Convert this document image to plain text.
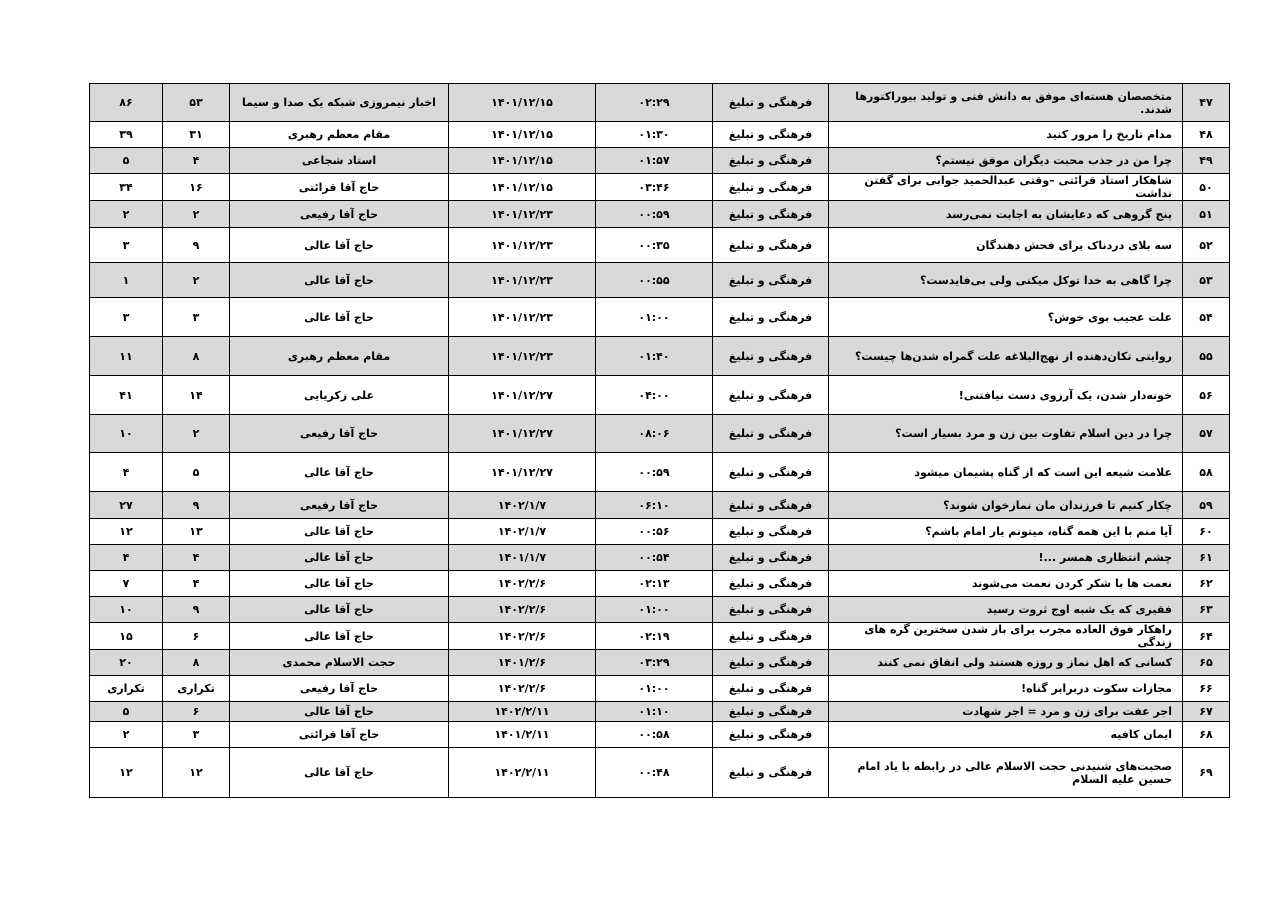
۴۷	متخصصان هسته‌ای موفق به دانش فنی و تولید بیوراکتورها شدند.	فرهنگی و تبلیغ	۰۲:۲۹	۱۴۰۱/۱۲/۱۵	اخبار نیمروزی شبکه یک صدا و سیما	۵۳	۸۶
۴۸	مدام تاریخ را مرور کنید	فرهنگی و تبلیغ	۰۱:۳۰	۱۴۰۱/۱۲/۱۵	مقام معظم رهبری	۳۱	۳۹
۴۹	چرا من در جذب محبت دیگران موفق نیستم؟	فرهنگی و تبلیغ	۰۱:۵۷	۱۴۰۱/۱۲/۱۵	استاد شجاعی	۴	۵
۵۰	شاهکار استاد قرائتی –وقتی عبدالحمید جوابی برای گفتن نداشت	فرهنگی و تبلیغ	۰۳:۴۶	۱۴۰۱/۱۲/۱۵	حاج آقا قرائتی	۱۶	۳۴
۵۱	پنج گروهی که دعایشان به اجابت نمی‌رسد	فرهنگی و تبلیغ	۰۰:۵۹	۱۴۰۱/۱۲/۲۳	حاج آقا رفیعی	۲	۲
۵۲	سه بلای دردناک برای فحش دهندگان	فرهنگی و تبلیغ	۰۰:۳۵	۱۴۰۱/۱۲/۲۳	حاج آقا عالی	۹	۳
۵۳	چرا گاهی به خدا توکل میکنی ولی بی‌فایدست؟	فرهنگی و تبلیغ	۰۰:۵۵	۱۴۰۱/۱۲/۲۳	حاج آقا عالی	۲	۱
۵۴	علت عجیب بوی خوش؟	فرهنگی و تبلیغ	۰۱:۰۰	۱۴۰۱/۱۲/۲۳	حاج آقا عالی	۳	۳
۵۵	روایتی تکان‌دهنده از نهج‌البلاغه علت گمراه شدن‌ها چیست؟	فرهنگی و تبلیغ	۰۱:۴۰	۱۴۰۱/۱۲/۲۳	مقام معظم رهبری	۸	۱۱
۵۶	خونه‌دار شدن، یک آرزوی دست نیافتنی!	فرهنگی و تبلیغ	۰۴:۰۰	۱۴۰۱/۱۲/۲۷	علی زکریایی	۱۴	۴۱
۵۷	چرا در دین اسلام تفاوت بین زن و مرد بسیار است؟	فرهنگی و تبلیغ	۰۸:۰۶	۱۴۰۱/۱۲/۲۷	حاج آقا رفیعی	۲	۱۰
۵۸	علامت شیعه این است که از گناه پشیمان میشود	فرهنگی و تبلیغ	۰۰:۵۹	۱۴۰۱/۱۲/۲۷	حاج آقا عالی	۵	۴
۵۹	چکار کنیم تا فرزندان مان نمازخوان شوند؟	فرهنگی و تبلیغ	۰۶:۱۰	۱۴۰۲/۱/۷	حاج آقا رفیعی	۹	۲۷
۶۰	آیا منم با این همه گناه، میتونم یار امام باشم؟	فرهنگی و تبلیغ	۰۰:۵۶	۱۴۰۲/۱/۷	حاج آقا عالی	۱۳	۱۲
۶۱	چشم انتظاری همسر ...!	فرهنگی و تبلیغ	۰۰:۵۴	۱۴۰۱/۱/۷	حاج آقا عالی	۴	۴
۶۲	نعمت ها با شکر کردن نعمت می‌شوند	فرهنگی و تبلیغ	۰۲:۱۳	۱۴۰۲/۲/۶	حاج آقا عالی	۴	۷
۶۳	فقیری که یک شبه اوج ثروت رسید	فرهنگی و تبلیغ	۰۱:۰۰	۱۴۰۲/۲/۶	حاج آقا عالی	۹	۱۰
۶۴	راهکار فوق العاده مجرب برای باز شدن سخترین گره های زندگی	فرهنگی و تبلیغ	۰۲:۱۹	۱۴۰۲/۲/۶	حاج آقا عالی	۶	۱۵
۶۵	کسانی که اهل نماز و روزه هستند ولی انفاق نمی کنند	فرهنگی و تبلیغ	۰۳:۲۹	۱۴۰۱/۲/۶	حجت الاسلام محمدی	۸	۲۰
۶۶	مجازات سکوت دربرابر گناه!	فرهنگی و تبلیغ	۰۱:۰۰	۱۴۰۲/۲/۶	حاج آقا رفیعی	تکراری	تکراری
۶۷	اجر عفت برای زن و مرد = اجر شهادت	فرهنگی و تبلیغ	۰۱:۱۰	۱۴۰۲/۲/۱۱	حاج آقا عالی	۶	۵
۶۸	ایمان کافیه	فرهنگی و تبلیغ	۰۰:۵۸	۱۴۰۱/۲/۱۱	حاج آقا قرائتی	۳	۲
۶۹	صحبت‌های شنیدنی حجت الاسلام عالی در رابطه با یاد امام حسین علیه السلام	فرهنگی و تبلیغ	۰۰:۴۸	۱۴۰۲/۲/۱۱	حاج آقا عالی	۱۲	۱۲
